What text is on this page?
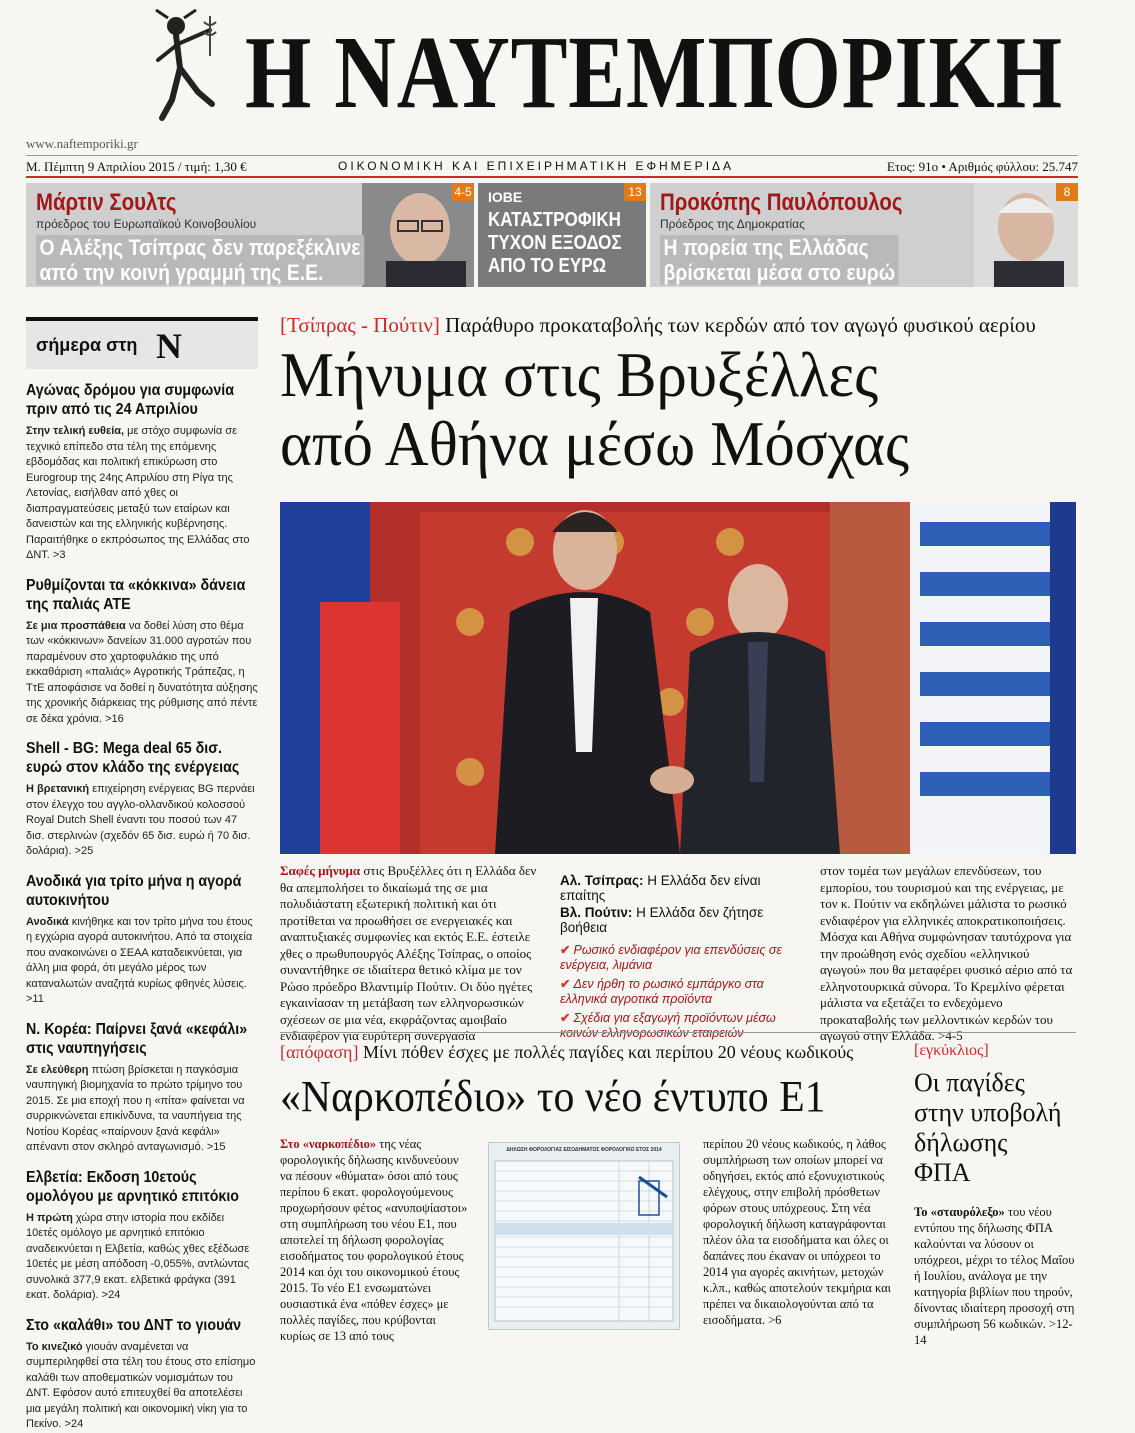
Η ΝΑΥΤΕΜΠΟΡΙΚΗ
www.naftemporiki.gr
Μ. Πέμπτη 9 Απριλίου 2015 / τιμή: 1,30 €	ΟΙΚΟΝΟΜΙΚΗ ΚΑΙ ΕΠΙΧΕΙΡΗΜΑΤΙΚΗ ΕΦΗΜΕΡΙΔΑ	Ετος: 91ο • Αριθμός φύλλου: 25.747
Μάρτιν Σουλτς
πρόεδρος του Ευρωπαϊκού Κοινοβουλίου
Ο Αλέξης Τσίπρας δεν παρεξέκλινε
από την κοινή γραμμή της Ε.Ε.
4-5 ΙΟΒΕ
ΚΑΤΑΣΤΡΟΦΙΚΗ
ΤΥΧΟΝ ΕΞΟΔΟΣ
ΑΠΟ ΤΟ ΕΥΡΩ
13 Προκόπης Παυλόπουλος
Πρόεδρος της Δημοκρατίας
Η πορεία της Ελλάδας
βρίσκεται μέσα στο ευρώ
8
σήμερα στη Ν
Αγώνας δρόμου για συμφωνία πριν από τις 24 Απριλίου

Στην τελική ευθεία, με στόχο συμφωνία σε τεχνικό επίπεδο στα τέλη της επόμενης εβδομάδας και πολιτική επικύρωση στο Eurogroup της 24ης Απριλίου στη Ρίγα της Λετονίας, εισήλθαν από χθες οι διαπραγματεύσεις μεταξύ των εταίρων και δανειστών και της ελληνικής κυβέρνησης. Παραιτήθηκε ο εκπρόσωπος της Ελλάδας στο ΔΝΤ. >3

Ρυθμίζονται τα «κόκκινα» δάνεια της παλιάς ΑΤΕ

Σε μια προσπάθεια να δοθεί λύση στο θέμα των «κόκκινων» δανείων 31.000 αγροτών που παραμένουν στο χαρτοφυλάκιο της υπό εκκαθάριση «παλιάς» Αγροτικής Τράπεζας, η ΤτΕ αποφάσισε να δοθεί η δυνατότητα αύξησης της χρονικής διάρκειας της ρύθμισης από πέντε σε δέκα χρόνια. >16

Shell - BG: Mega deal 65 δισ. ευρώ στον κλάδο της ενέργειας

Η βρετανική επιχείρηση ενέργειας BG περνάει στον έλεγχο του αγγλο-ολλανδικού κολοσσού Royal Dutch Shell έναντι του ποσού των 47 δισ. στερλινών (σχεδόν 65 δισ. ευρώ ή 70 δισ. δολάρια). >25

Ανοδικά για τρίτο μήνα η αγορά αυτοκινήτου

Ανοδικά κινήθηκε και τον τρίτο μήνα του έτους η εγχώρια αγορά αυτοκινήτου. Από τα στοιχεία που ανακοινώνει ο ΣΕΑΑ καταδεικνύεται, για άλλη μια φορά, ότι μεγάλο μέρος των καταναλωτών αναζητά κυρίως φθηνές λύσεις. >11

Ν. Κορέα: Παίρνει ξανά «κεφάλι» στις ναυπηγήσεις

Σε ελεύθερη πτώση βρίσκεται η παγκόσμια ναυπηγική βιομηχανία το πρώτο τρίμηνο του 2015. Σε μια εποχή που η «πίτα» φαίνεται να συρρικνώνεται επικίνδυνα, τα ναυπήγεια της Νοτίου Κορέας «παίρνουν ξανά κεφάλι» απέναντι στον σκληρό ανταγωνισμό. >15

Ελβετία: Εκδοση 10ετούς ομολόγου με αρνητικό επιτόκιο

Η πρώτη χώρα στην ιστορία που εκδίδει 10ετές ομόλογο με αρνητικό επιτόκιο αναδεικνύεται η Ελβετία, καθώς χθες εξέδωσε 10ετές με μέση απόδοση -0,055%, αντλώντας συνολικά 377,9 εκατ. ελβετικά φράγκα (391 εκατ. δολάρια). >24

Στο «καλάθι» του ΔΝΤ το γιουάν

Το κινεζικό γιουάν αναμένεται να συμπεριληφθεί στα τέλη του έτους στο επίσημο καλάθι των αποθεματικών νομισμάτων του ΔΝΤ. Εφόσον αυτό επιτευχθεί θα αποτελέσει μια μεγάλη πολιτική και οικονομική νίκη για το Πεκίνο. >24

[Τσίπρας - Πούτιν] Παράθυρο προκαταβολής των κερδών από τον αγωγό φυσικού αερίου
Μήνυμα στις Βρυξέλλες
από Αθήνα μέσω Μόσχας
Σαφές μήνυμα στις Βρυξέλλες ότι η Ελλάδα δεν θα απεμπολήσει το δικαίωμά της σε μια πολυδιάστατη εξωτερική πολιτική και ότι προτίθεται να προωθήσει σε ενεργειακές και αναπτυξιακές συμφωνίες και εκτός Ε.Ε. έστειλε χθες ο πρωθυπουργός Αλέξης Τσίπρας, ο οποίος συναντήθηκε σε ιδιαίτερα θετικό κλίμα με τον Ρώσο πρόεδρο Βλαντιμίρ Πούτιν. Οι δύο ηγέτες εγκαινίασαν τη μετάβαση των ελληνορωσικών σχέσεων σε μια νέα, εκφράζοντας αμοιβαίο ενδιαφέρον για ευρύτερη συνεργασία
Αλ. Τσίπρας: Η Ελλάδα δεν είναι επαίτης
Βλ. Πούτιν: Η Ελλάδα δεν ζήτησε βοήθεια
✔ Ρωσικό ενδιαφέρον για επενδύσεις σε ενέργεια, λιμάνια
✔ Δεν ήρθη το ρωσικό εμπάργκο στα ελληνικά αγροτικά προϊόντα
✔ Σχέδια για εξαγωγή προϊόντων μέσω κοινών ελληνορωσικών εταιρειών
στον τομέα των μεγάλων επενδύσεων, του εμπορίου, του τουρισμού και της ενέργειας, με τον κ. Πούτιν να εκδηλώνει μάλιστα το ρωσικό ενδιαφέρον για ελληνικές αποκρατικοποιήσεις. Μόσχα και Αθήνα συμφώνησαν ταυτόχρονα για την προώθηση ενός σχεδίου «ελληνικού αγωγού» που θα μεταφέρει φυσικό αέριο από τα ελληνοτουρκικά σύνορα. Το Κρεμλίνο φέρεται μάλιστα να εξετάζει το ενδεχόμενο προκαταβολής των μελλοντικών κερδών του αγωγού στην Ελλάδα. >4-5
[απόφαση] Μίνι πόθεν έσχες με πολλές παγίδες και περίπου 20 νέους κωδικούς
«Ναρκοπέδιο» το νέο έντυπο Ε1
Στο «ναρκοπέδιο» της νέας φορολογικής δήλωσης κινδυνεύουν να πέσουν «θύματα» όσοι από τους περίπου 6 εκατ. φορολογούμενους προχωρήσουν φέτος «ανυποψίαστοι» στη συμπλήρωση του νέου Ε1, που αποτελεί τη δήλωση φορολογίας εισοδήματος του φορολογικού έτους 2014 και όχι του οικονομικού έτους 2015. Το νέο Ε1 ενσωματώνει ουσιαστικά ένα «πόθεν έσχες» με πολλές παγίδες, που κρύβονται κυρίως σε 13 από τους
ΔΗΛΩΣΗ ΦΟΡΟΛΟΓΙΑΣ ΕΙΣΟΔΗΜΑΤΟΣ ΦΟΡΟΛΟΓΙΚΟ ΕΤΟΣ 2014	περίπου 20 νέους κωδικούς, η λάθος συμπλήρωση των οποίων μπορεί να οδηγήσει, εκτός από εξονυχιστικούς ελέγχους, στην επιβολή πρόσθετων φόρων στους υπόχρεους. Στη νέα φορολογική δήλωση καταγράφονται πλέον όλα τα εισοδήματα και όλες οι δαπάνες που έκαναν οι υπόχρεοι το 2014 για αγορές ακινήτων, μετοχών κ.λπ., καθώς αποτελούν τεκμήρια και πρέπει να δικαιολογούνται από τα εισοδήματα. >6
[εγκύκλιος]
Οι παγίδες
στην υποβολή
δήλωσης
ΦΠΑ

Το «σταυρόλεξο» του νέου εντύπου της δήλωσης ΦΠΑ καλούνται να λύσουν οι υπόχρεοι, μέχρι το τέλος Μαΐου ή Ιουλίου, ανάλογα με την κατηγορία βιβλίων που τηρούν, δίνοντας ιδιαίτερη προσοχή στη συμπλήρωση 56 κωδικών. >12-14
